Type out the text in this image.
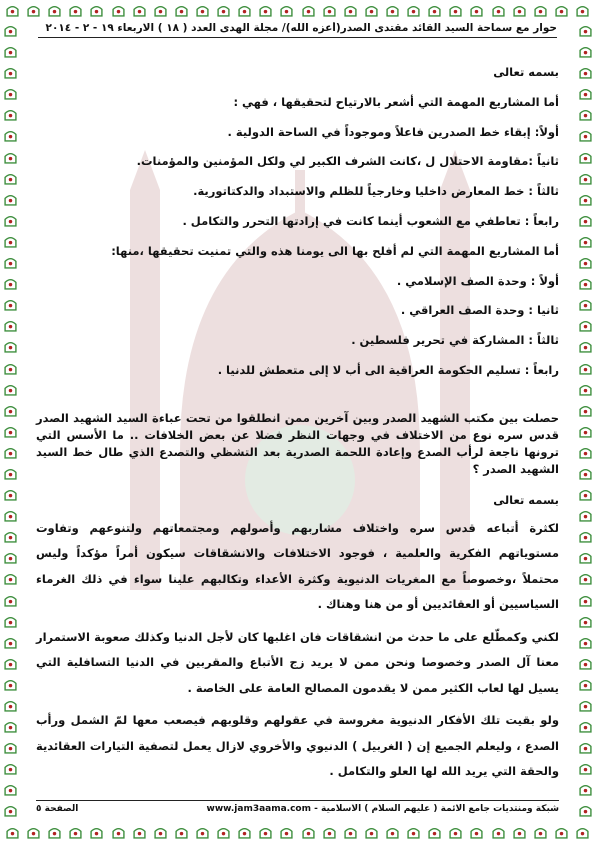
حوار مع سماحة السيد القائد مقتدى الصدر(أعزه الله)/ مجلة الهدى العدد ( ١٨ ) الاربعاء ١٩ - ٢ - ٢٠١٤

بسمه تعالى

أما المشاريع المهمة التي أشعر بالارتياح لتحقيقها ، فهي :

أولاً: إبقاء خط الصدرين فاعلاً وموجوداً في الساحة الدولية .

ثانياً :مقاومة الاحتلال ل ،كانت الشرف الكبير لي ولكل المؤمنين والمؤمنات.

ثالثاً : خط المعارض داخليا وخارجياً للظلم والاستبداد والدكتاتورية.

رابعاً : تعاطفي مع الشعوب أينما كانت في إرادتها التحرر والتكامل .

أما المشاريع المهمة التي لم أفلح بها الى يومنا هذه والتي تمنيت تحقيقها ،منها:

أولاً : وحدة الصف الإسلامي .

ثانيا : وحدة الصف العراقي .

ثالثاً : المشاركة في تحرير فلسطين .

رابعاً : تسليم الحكومة العراقية الى أب لا إلى متعطش للدنيا .

حصلت بين مكتب الشهيد الصدر وبين آخرين ممن انطلقوا من تحت عباءة السيد الشهيد الصدر قدس سره نوع من الاختلاف في وجهات النظر فضلا عن بعض الخلافات .. ما الأسس التي ترونها ناجعة لرأب الصدع وإعادة اللحمة الصدرية بعد التشظي والتصدع الذي طال خط السيد الشهيد الصدر ؟

بسمه تعالى

لكثرة أتباعه قدس سره واختلاف مشاربهم وأصولهم ومجتمعاتهم ولتنوعهم وتفاوت مستوياتهم الفكرية والعلمية ، فوجود الاختلافات والانشقاقات سيكون أمراً مؤكداً وليس محتملاً ،وخصوصاً مع المغريات الدنيوية وكثرة الأعداء وتكالبهم علينا سواء في ذلك الغرماء السياسيين أو العقائديين أو من هنا وهناك .

لكني وكمطّلع على ما حدث من انشقاقات فان اغلبها كان لأجل الدنيا وكذلك صعوبة الاستمرار معنا آل الصدر وخصوصا ونحن ممن لا يريد زج الأتباع والمقربين في الدنيا التسافلية التي يسيل لها لعاب الكثير ممن لا يقدمون المصالح العامة على الخاصة .

ولو بقيت تلك الأفكار الدنيوية مغروسة في عقولهم وقلوبهم فيصعب معها لمّ الشمل ورأب الصدع ، وليعلم الجميع إن ( الغربيل ) الدنيوي والأخروي لازال يعمل لتصفية التيارات العقائدية والحقة التي يريد الله لها العلو والتكامل .

الصفحة ٥	شبكة ومنتديات جامع الائمة ( عليهم السلام ) الاسلامية - www.jam3aama.com
